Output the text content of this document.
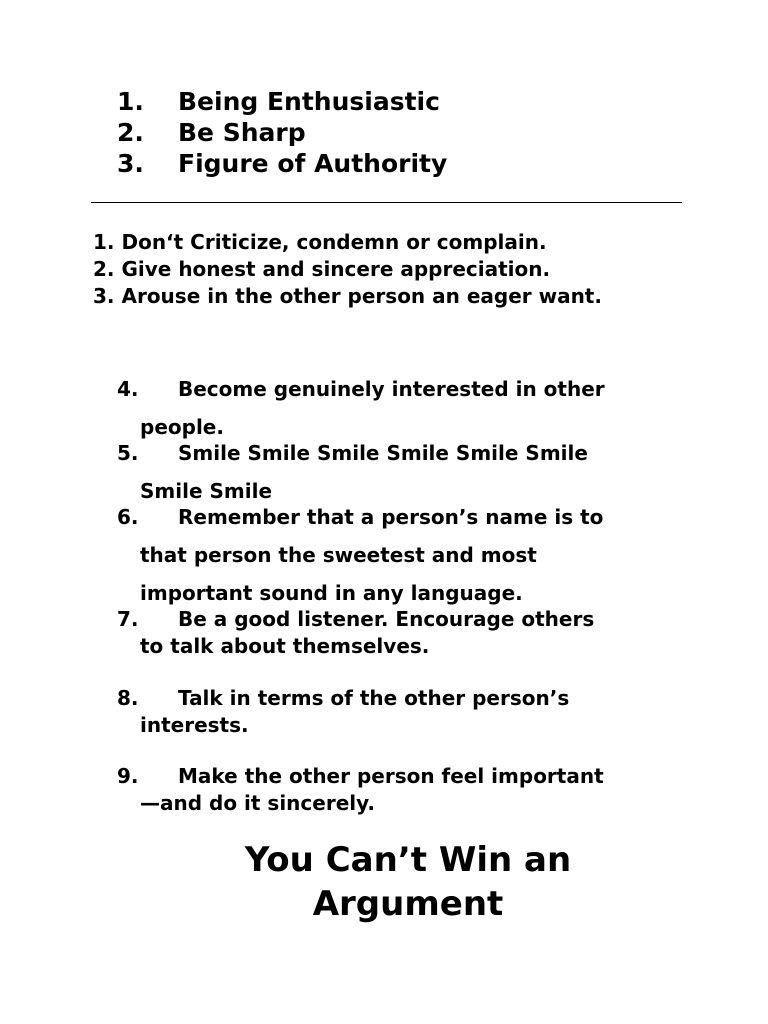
1. Being Enthusiastic
2. Be Sharp
3. Figure of Authority
1. Don‘t Criticize, condemn or complain.
2. Give honest and sincere appreciation.
3. Arouse in the other person an eager want.
4. Become genuinely interested in other
people.
5. Smile Smile Smile Smile Smile Smile
Smile Smile
6. Remember that a person’s name is to
that person the sweetest and most
important sound in any language.
7. Be a good listener. Encourage others
to talk about themselves.
8. Talk in terms of the other person’s
interests.
9. Make the other person feel important
—and do it sincerely.
You Can’t Win an
Argument
